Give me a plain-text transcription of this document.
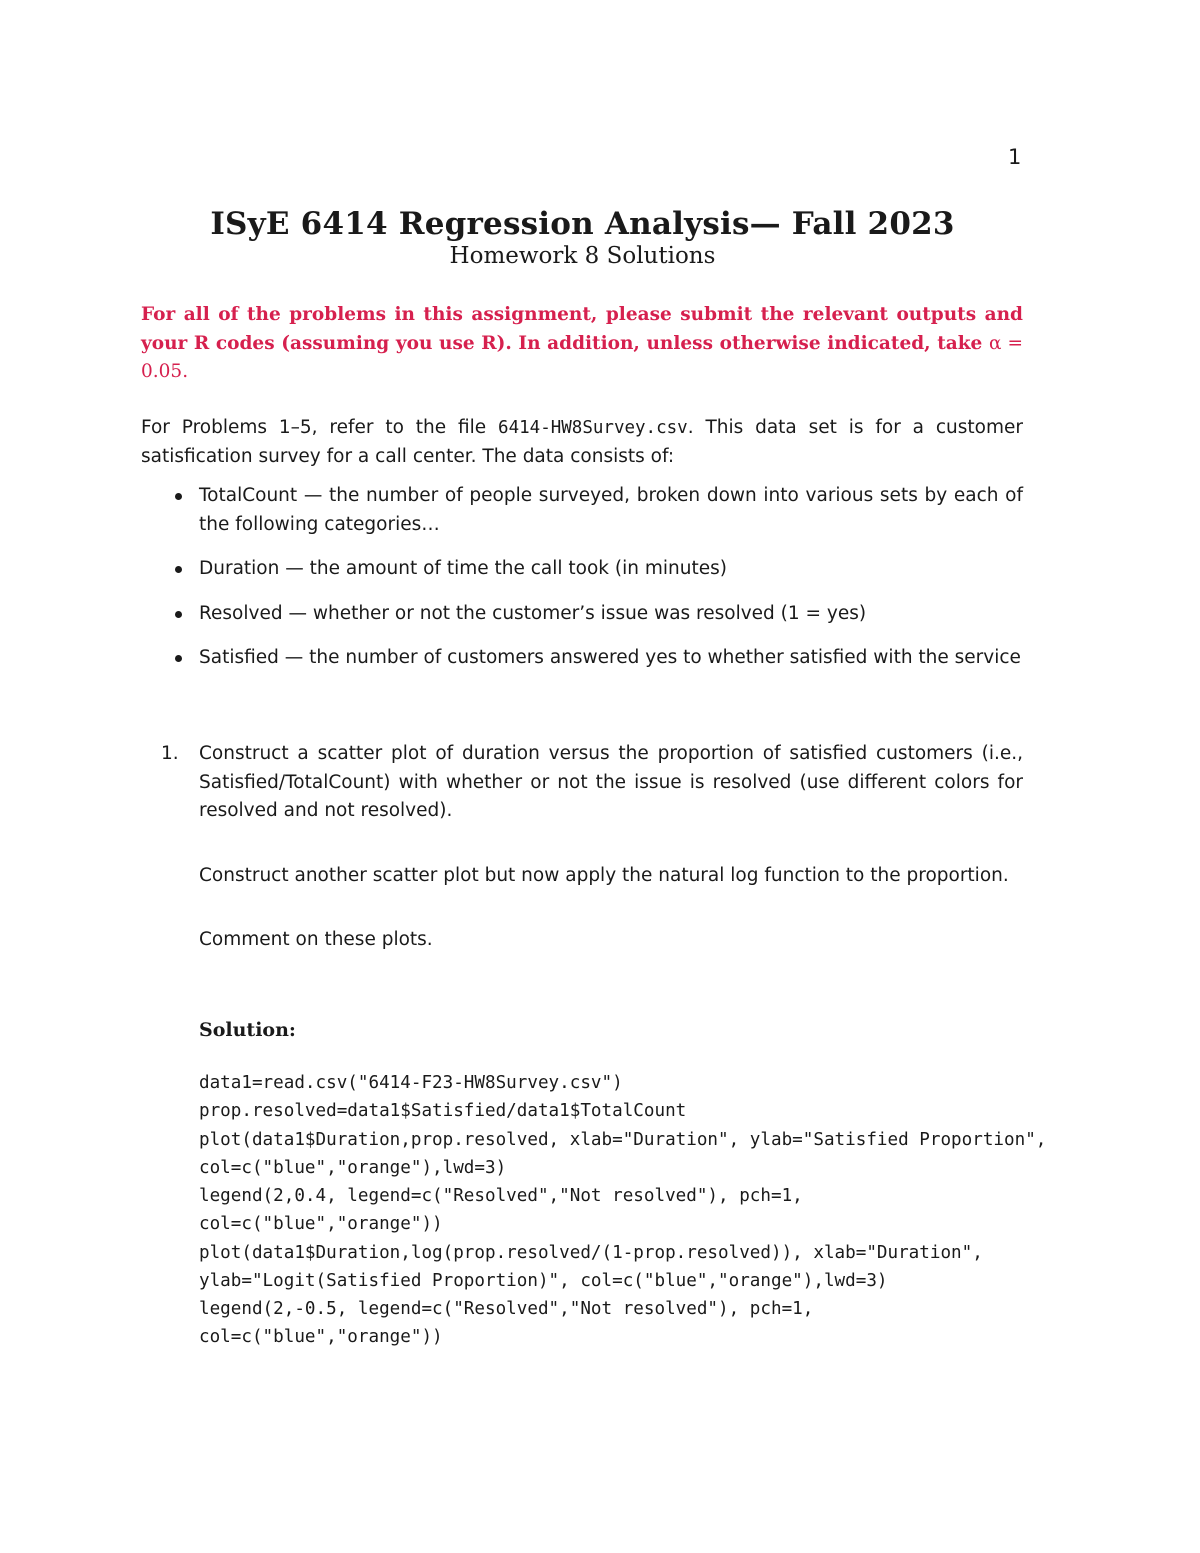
1
ISyE 6414 Regression Analysis— Fall 2023
Homework 8 Solutions
For all of the problems in this assignment, please submit the relevant outputs and your R codes (assuming you use R). In addition, unless otherwise indicated, take α = 0.05.
For Problems 1–5, refer to the file 6414-HW8Survey.csv. This data set is for a customer satisfication survey for a call center. The data consists of:
TotalCount — the number of people surveyed, broken down into various sets by each of the following categories…
Duration — the amount of time the call took (in minutes)
Resolved — whether or not the customer’s issue was resolved (1 = yes)
Satisfied — the number of customers answered yes to whether satisfied with the service
1. Construct a scatter plot of duration versus the proportion of satisfied customers (i.e., Satisfied/TotalCount) with whether or not the issue is resolved (use different colors for resolved and not resolved).

Construct another scatter plot but now apply the natural log function to the proportion.

Comment on these plots.

Solution:
data1=read.csv("6414-F23-HW8Survey.csv")
prop.resolved=data1$Satisfied/data1$TotalCount
plot(data1$Duration,prop.resolved, xlab="Duration", ylab="Satisfied Proportion",
col=c("blue","orange"),lwd=3)
legend(2,0.4, legend=c("Resolved","Not resolved"), pch=1,
col=c("blue","orange"))
plot(data1$Duration,log(prop.resolved/(1-prop.resolved)), xlab="Duration",
ylab="Logit(Satisfied Proportion)", col=c("blue","orange"),lwd=3)
legend(2,-0.5, legend=c("Resolved","Not resolved"), pch=1,
col=c("blue","orange"))
